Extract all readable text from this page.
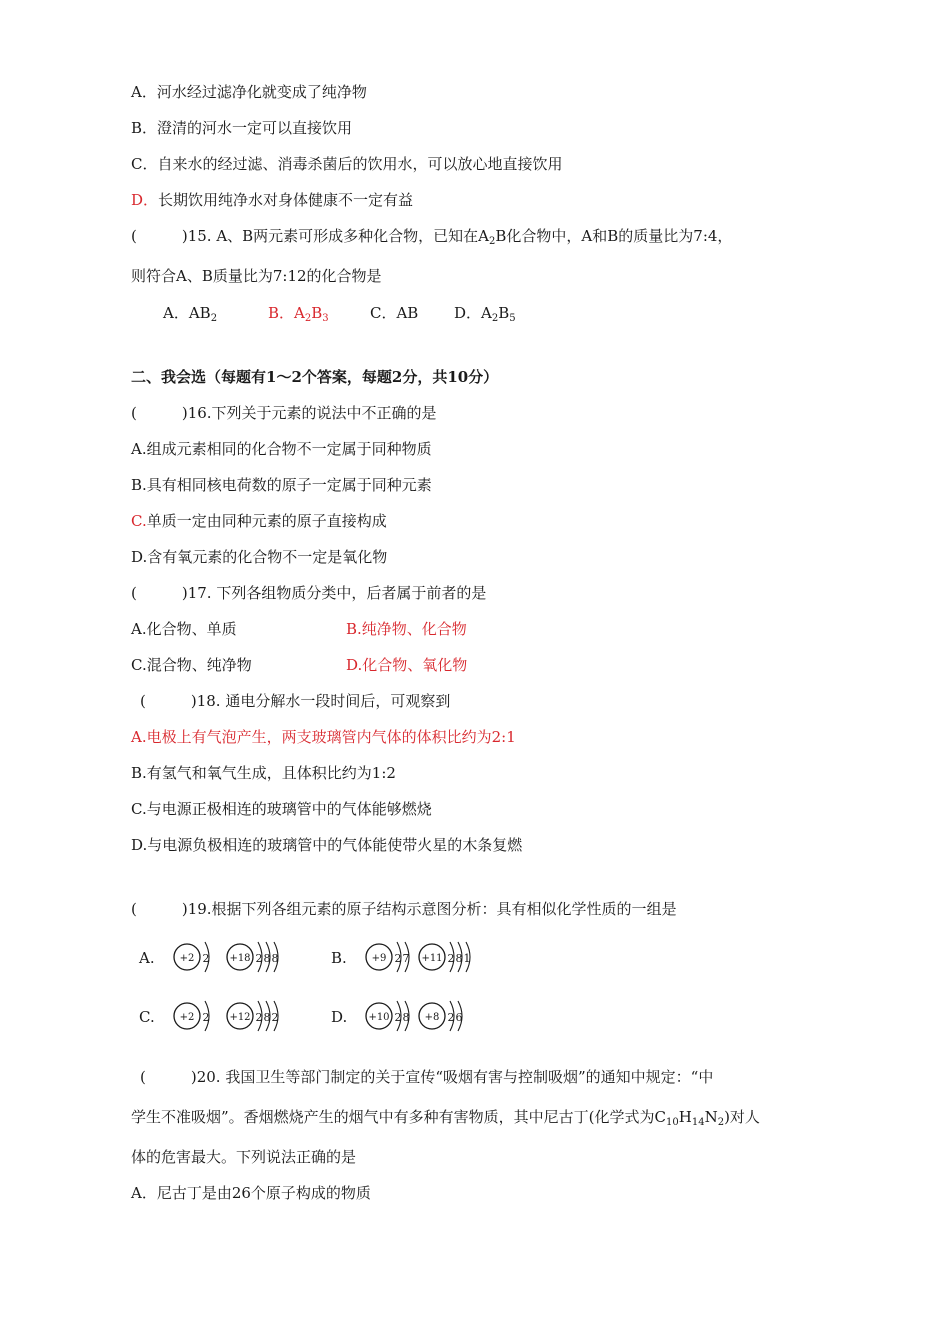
A．河水经过滤净化就变成了纯净物
B．澄清的河水一定可以直接饮用
C．自来水的经过滤、消毒杀菌后的饮用水，可以放心地直接饮用
D．长期饮用纯净水对身体健康不一定有益
(　　　)15. A、B两元素可形成多种化合物，已知在$A_2B$化合物中，A和B的质量比为7:4，
则符合A、B质量比为7:12的化合物是
A．$AB_2$	B．$A_2B_3$	C．AB D．$A_2B_5$
二、我会选（每题有1～2个答案，每题2分，共10分）
(　　　)16.下列关于元素的说法中不正确的是
A.组成元素相同的化合物不一定属于同种物质
B.具有相同核电荷数的原子一定属于同种元素
C.单质一定由同种元素的原子直接构成
D.含有氧元素的化合物不一定是氧化物
(　　　)17. 下列各组物质分类中，后者属于前者的是
A.化合物、单质	B.纯净物、化合物
C.混合物、纯净物	D.化合物、氧化物
(　　　)18. 通电分解水一段时间后，可观察到
A.电极上有气泡产生，两支玻璃管内气体的体积比约为2:1
B.有氢气和氧气生成，且体积比约为1:2
C.与电源正极相连的玻璃管中的气体能够燃烧
D.与电源负极相连的玻璃管中的气体能使带火星的木条复燃
(　　　)19.根据下列各组元素的原子结构示意图分析：具有相似化学性质的一组是
A.	+2 2 +18 2 8 8	B. +9 2 7 +11 2 8 1
C. +2 2 +12 2 8 2	D. +10 2 8 +8 2 6
(　　　)20. 我国卫生等部门制定的关于宣传“吸烟有害与控制吸烟”的通知中规定：“中
学生不准吸烟”。香烟燃烧产生的烟气中有多种有害物质，其中尼古丁(化学式为$C_{10}H_{14}N_2$)对人
体的危害最大。下列说法正确的是
A．尼古丁是由26个原子构成的物质
